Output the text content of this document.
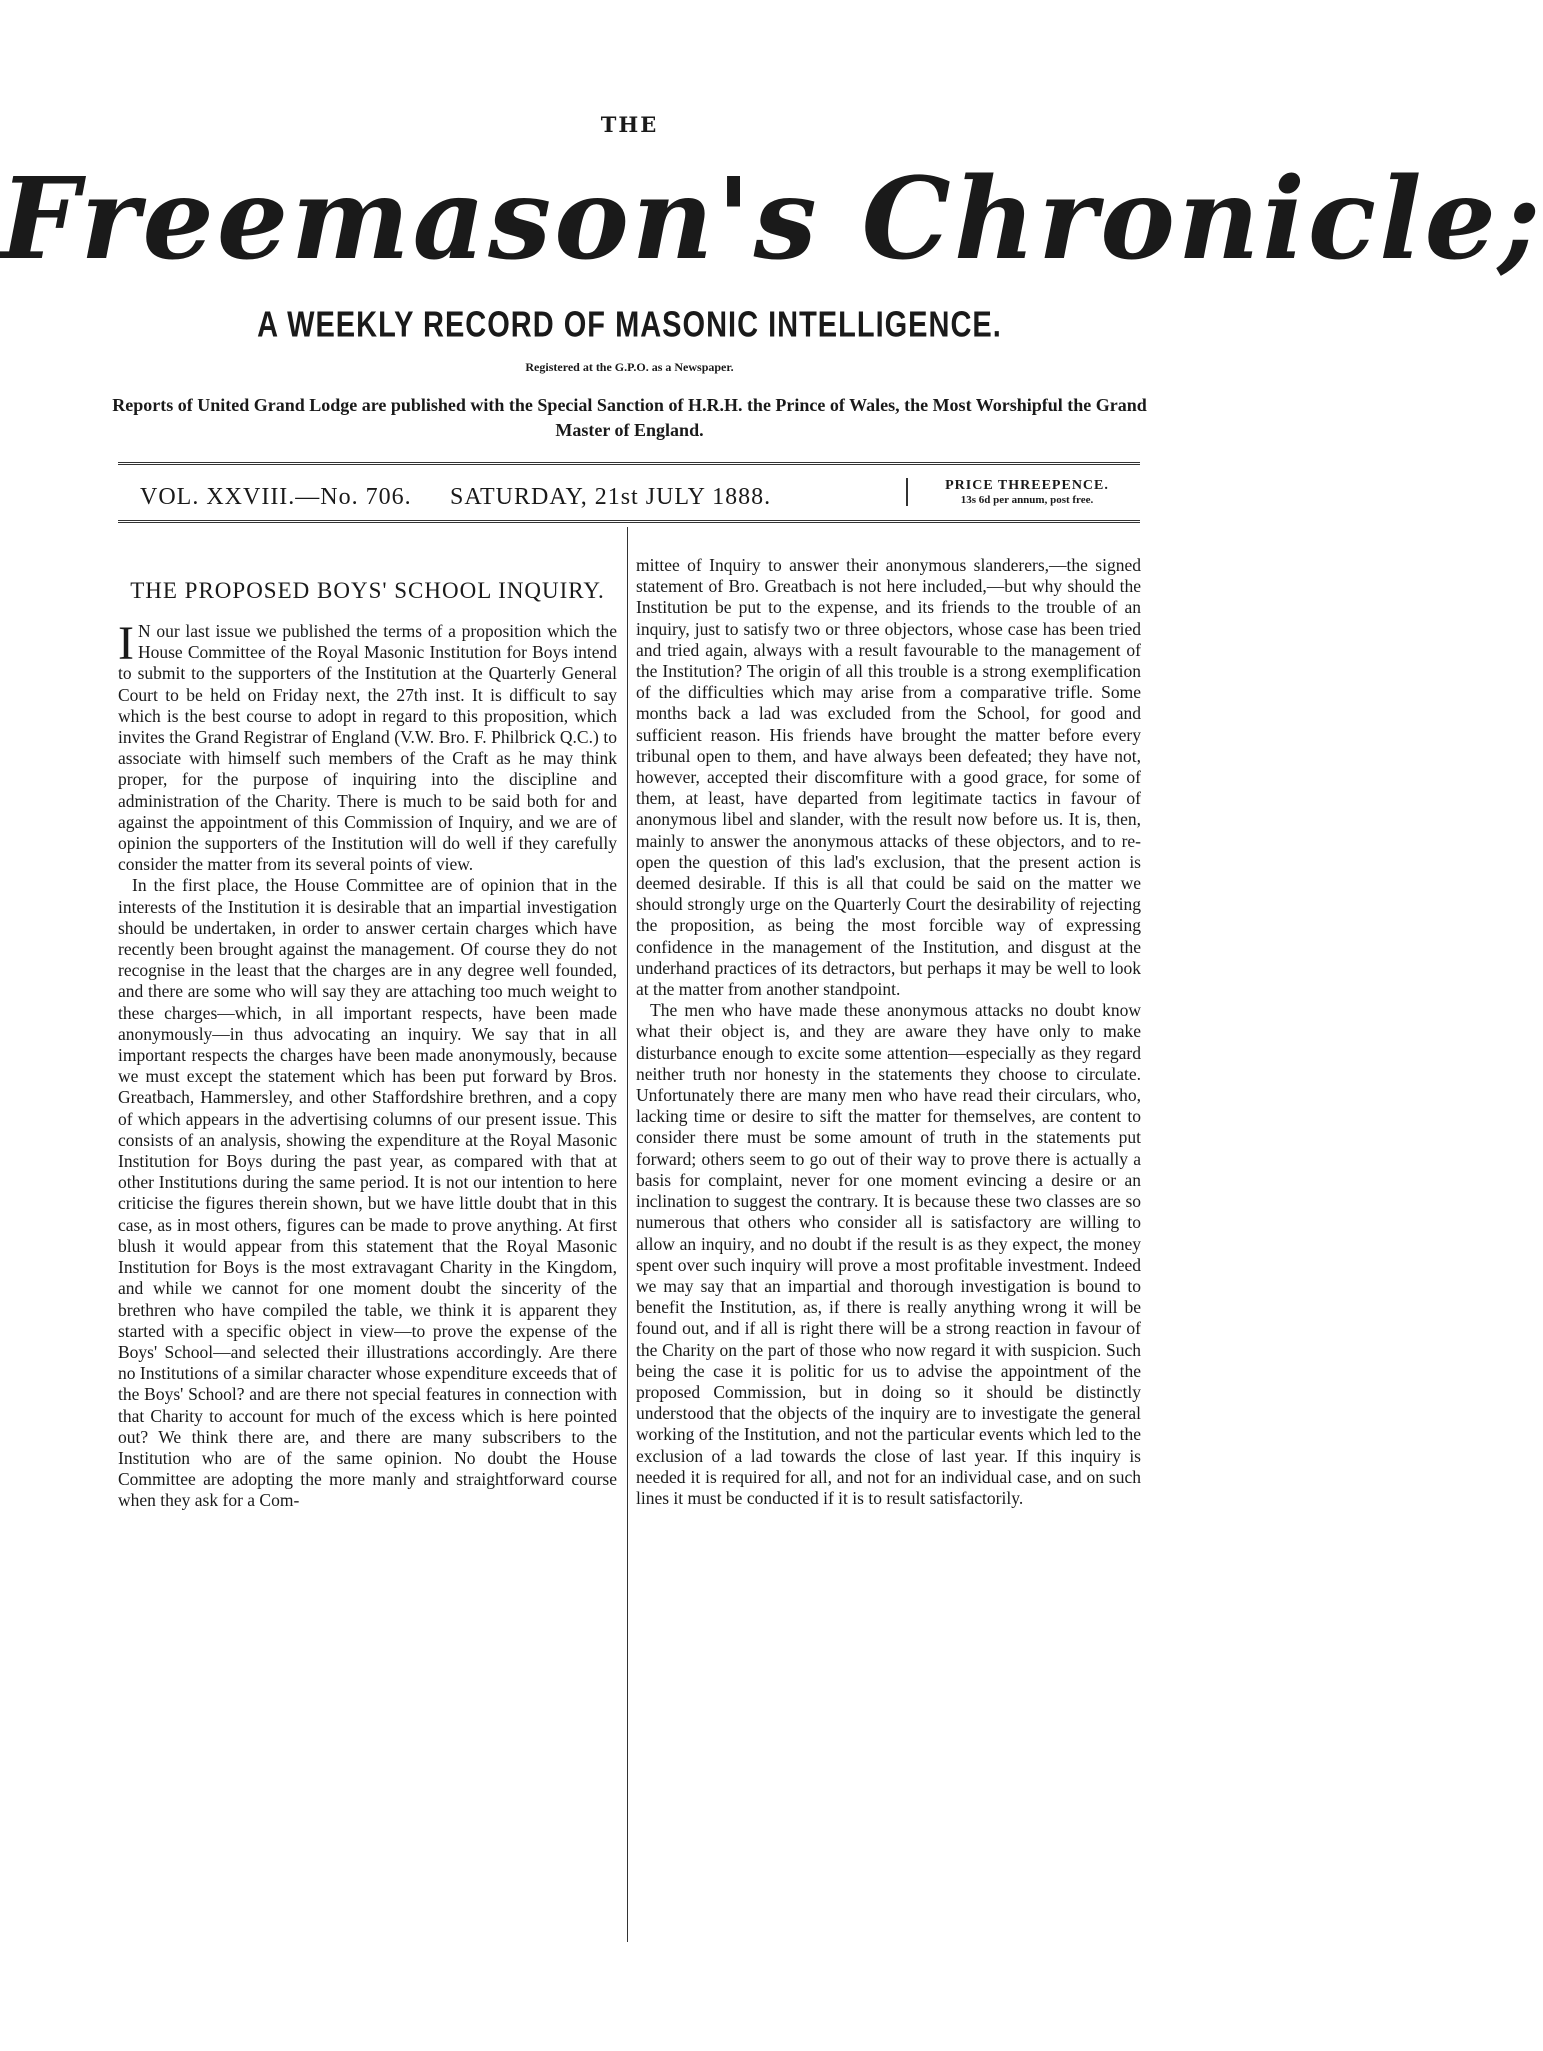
THE
Freemason's Chronicle;
A WEEKLY RECORD OF MASONIC INTELLIGENCE.
Registered at the G.P.O. as a Newspaper.
Reports of United Grand Lodge are published with the Special Sanction of H.R.H. the Prince of Wales, the Most Worshipful the Grand Master of England.
VOL. XXVIII.—No. 706. SATURDAY, 21st JULY 1888.	PRICE THREEPENCE.
13s 6d per annum, post free.
THE PROPOSED BOYS' SCHOOL INQUIRY.

I N our last issue we published the terms of a proposition which the House Committee of the Royal Masonic Institution for Boys intend to submit to the supporters of the Institution at the Quarterly General Court to be held on Friday next, the 27th inst. It is difficult to say which is the best course to adopt in regard to this proposition, which invites the Grand Registrar of England (V.W. Bro. F. Philbrick Q.C.) to associate with himself such members of the Craft as he may think proper, for the purpose of inquiring into the discipline and administration of the Charity. There is much to be said both for and against the appointment of this Commission of Inquiry, and we are of opinion the supporters of the Institution will do well if they carefully consider the matter from its several points of view.

In the first place, the House Committee are of opinion that in the interests of the Institution it is desirable that an impartial investigation should be undertaken, in order to answer certain charges which have recently been brought against the management. Of course they do not recognise in the least that the charges are in any degree well founded, and there are some who will say they are attaching too much weight to these charges—which, in all important respects, have been made anonymously—in thus advocating an inquiry. We say that in all important respects the charges have been made anonymously, because we must except the statement which has been put forward by Bros. Greatbach, Hammersley, and other Staffordshire brethren, and a copy of which appears in the advertising columns of our present issue. This consists of an analysis, showing the expenditure at the Royal Masonic Institution for Boys during the past year, as compared with that at other Institutions during the same period. It is not our intention to here criticise the figures therein shown, but we have little doubt that in this case, as in most others, figures can be made to prove anything. At first blush it would appear from this statement that the Royal Masonic Institution for Boys is the most extravagant Charity in the Kingdom, and while we cannot for one moment doubt the sincerity of the brethren who have compiled the table, we think it is apparent they started with a specific object in view—to prove the expense of the Boys' School—and selected their illustrations accordingly. Are there no Institutions of a similar character whose expenditure exceeds that of the Boys' School? and are there not special features in connection with that Charity to account for much of the excess which is here pointed out? We think there are, and there are many subscribers to the Institution who are of the same opinion. No doubt the House Committee are adopting the more manly and straightforward course when they ask for a Com-

mittee of Inquiry to answer their anonymous slanderers,—the signed statement of Bro. Greatbach is not here included,—but why should the Institution be put to the expense, and its friends to the trouble of an inquiry, just to satisfy two or three objectors, whose case has been tried and tried again, always with a result favourable to the management of the Institution? The origin of all this trouble is a strong exemplification of the difficulties which may arise from a comparative trifle. Some months back a lad was excluded from the School, for good and sufficient reason. His friends have brought the matter before every tribunal open to them, and have always been defeated; they have not, however, accepted their discomfiture with a good grace, for some of them, at least, have departed from legitimate tactics in favour of anonymous libel and slander, with the result now before us. It is, then, mainly to answer the anonymous attacks of these objectors, and to re-open the question of this lad's exclusion, that the present action is deemed desirable. If this is all that could be said on the matter we should strongly urge on the Quarterly Court the desirability of rejecting the proposition, as being the most forcible way of expressing confidence in the management of the Institution, and disgust at the underhand practices of its detractors, but perhaps it may be well to look at the matter from another standpoint.

The men who have made these anonymous attacks no doubt know what their object is, and they are aware they have only to make disturbance enough to excite some attention—especially as they regard neither truth nor honesty in the statements they choose to circulate. Unfortunately there are many men who have read their circulars, who, lacking time or desire to sift the matter for themselves, are content to consider there must be some amount of truth in the statements put forward; others seem to go out of their way to prove there is actually a basis for complaint, never for one moment evincing a desire or an inclination to suggest the contrary. It is because these two classes are so numerous that others who consider all is satisfactory are willing to allow an inquiry, and no doubt if the result is as they expect, the money spent over such inquiry will prove a most profitable investment. Indeed we may say that an impartial and thorough investigation is bound to benefit the Institution, as, if there is really anything wrong it will be found out, and if all is right there will be a strong reaction in favour of the Charity on the part of those who now regard it with suspicion. Such being the case it is politic for us to advise the appointment of the proposed Commission, but in doing so it should be distinctly understood that the objects of the inquiry are to investigate the general working of the Institution, and not the particular events which led to the exclusion of a lad towards the close of last year. If this inquiry is needed it is required for all, and not for an individual case, and on such lines it must be conducted if it is to result satisfactorily.
